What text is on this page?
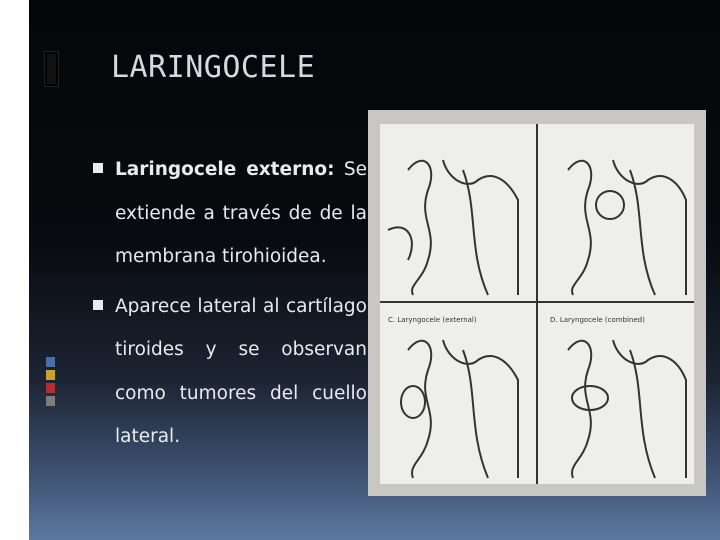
LARINGOCELE
Laringocele externo: Se extiende a través de de la membrana tirohioidea.
Aparece lateral al cartílago tiroides y se observan como tumores del cuello lateral.
C. Laryngocele (external)	D. Laryngocele (combined)
